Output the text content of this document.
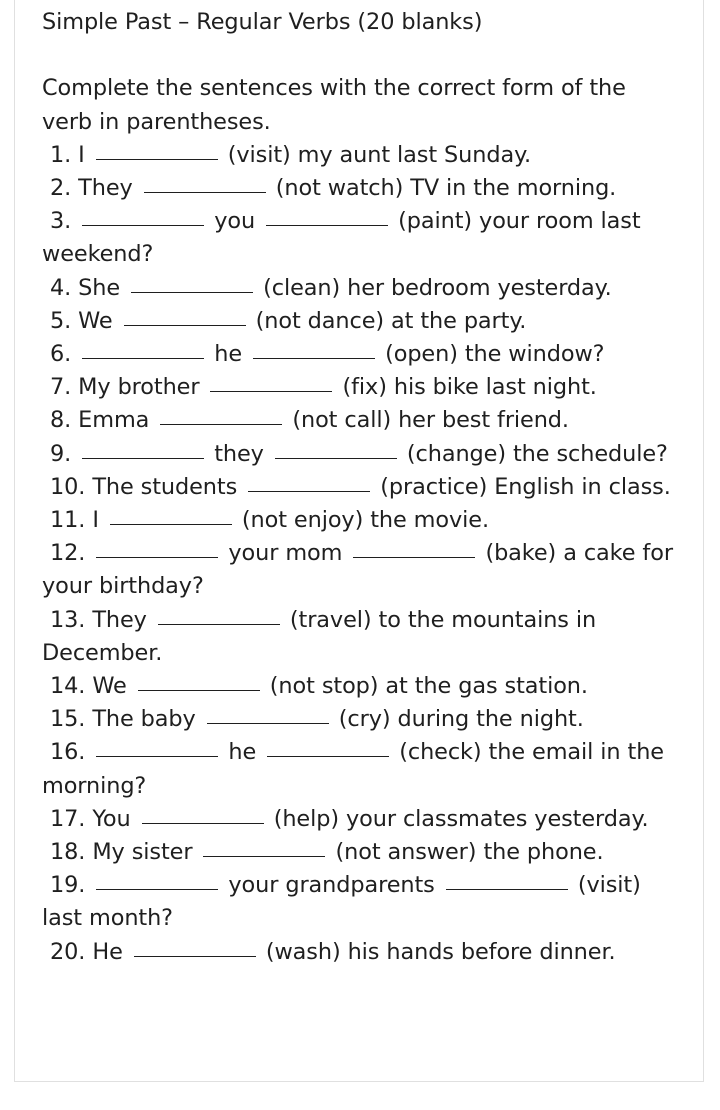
Simple Past – Regular Verbs (20 blanks)

Complete the sentences with the correct form of the verb in parentheses.

1. I	(visit) my aunt last Sunday.

2. They	(not watch) TV in the morning.

3.	you	(paint) your room last weekend?

4. She	(clean) her bedroom yesterday.

5. We	(not dance) at the party.

6.	he	(open) the window?

7. My brother	(fix) his bike last night.

8. Emma	(not call) her best friend.

9.	they	(change) the schedule?

10. The students	(practice) English in class.

11. I	(not enjoy) the movie.

12.	your mom	(bake) a cake for your birthday?

13. They	(travel) to the mountains in December.

14. We	(not stop) at the gas station.

15. The baby	(cry) during the night.

16.	he	(check) the email in the morning?

17. You	(help) your classmates yesterday.

18. My sister	(not answer) the phone.

19.	your grandparents	(visit) last month?

20. He	(wash) his hands before dinner.
